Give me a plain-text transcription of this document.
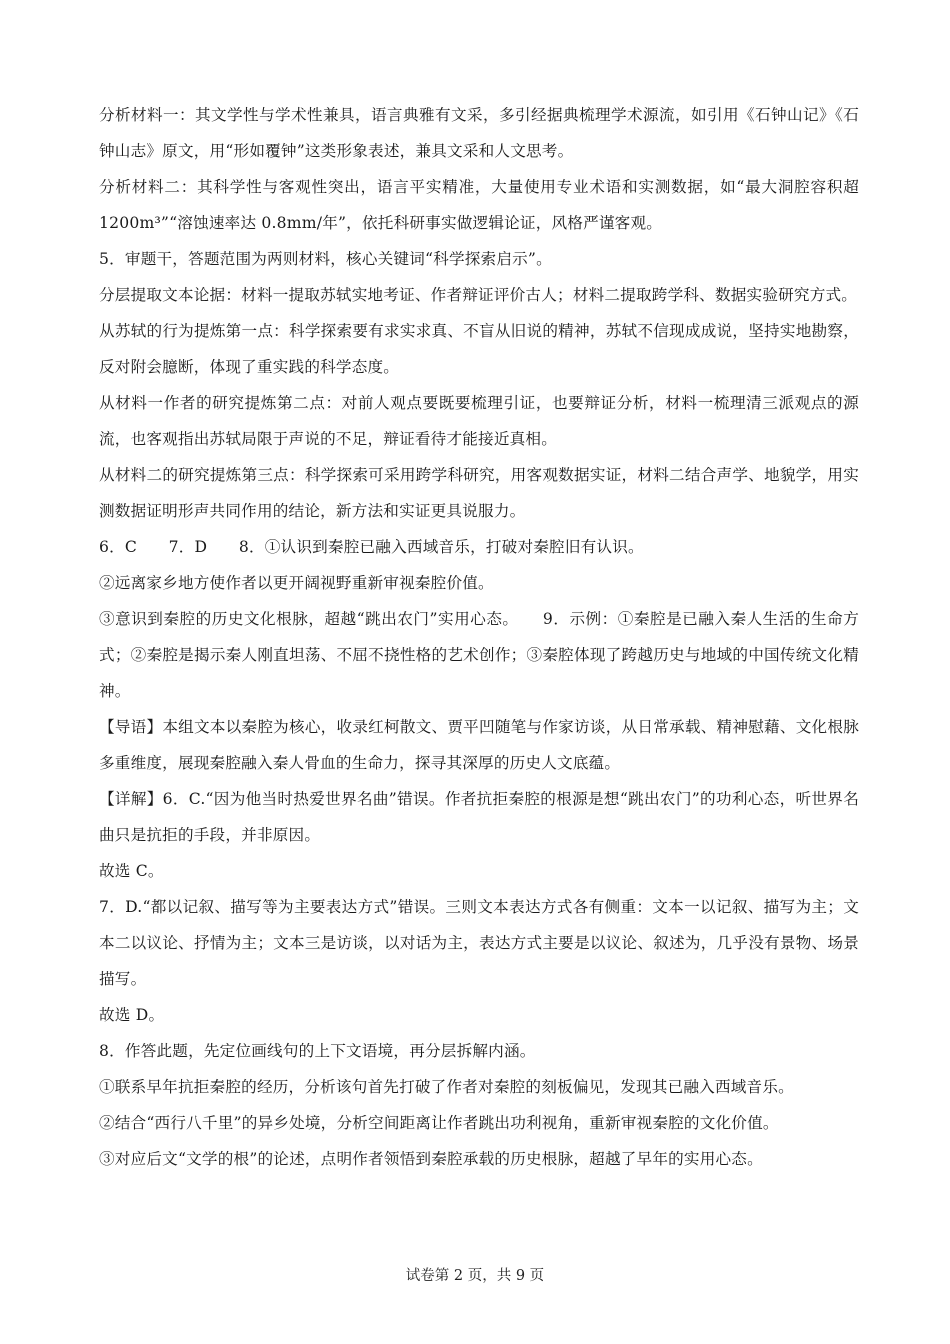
分析材料一：其文学性与学术性兼具，语言典雅有文采，多引经据典梳理学术源流，如引用《石钟山记》《石钟山志》原文，用“形如覆钟”这类形象表述，兼具文采和人文思考。

分析材料二：其科学性与客观性突出，语言平实精准，大量使用专业术语和实测数据，如“最大洞腔容积超1200m³”“溶蚀速率达 0.8mm/年”，依托科研事实做逻辑论证，风格严谨客观。

5．审题干，答题范围为两则材料，核心关键词“科学探索启示”。

分层提取文本论据：材料一提取苏轼实地考证、作者辩证评价古人；材料二提取跨学科、数据实验研究方式。

从苏轼的行为提炼第一点：科学探索要有求实求真、不盲从旧说的精神，苏轼不信现成成说，坚持实地勘察，反对附会臆断，体现了重实践的科学态度。

从材料一作者的研究提炼第二点：对前人观点要既要梳理引证，也要辩证分析，材料一梳理清三派观点的源流，也客观指出苏轼局限于声说的不足，辩证看待才能接近真相。

从材料二的研究提炼第三点：科学探索可采用跨学科研究，用客观数据实证，材料二结合声学、地貌学，用实测数据证明形声共同作用的结论，新方法和实证更具说服力。

6．C　　7．D　　8．①认识到秦腔已融入西域音乐，打破对秦腔旧有认识。

②远离家乡地方使作者以更开阔视野重新审视秦腔价值。

③意识到秦腔的历史文化根脉，超越“跳出农门”实用心态。　　9．示例：①秦腔是已融入秦人生活的生命方式；②秦腔是揭示秦人刚直坦荡、不屈不挠性格的艺术创作；③秦腔体现了跨越历史与地域的中国传统文化精神。

【导语】本组文本以秦腔为核心，收录红柯散文、贾平凹随笔与作家访谈，从日常承载、精神慰藉、文化根脉多重维度，展现秦腔融入秦人骨血的生命力，探寻其深厚的历史人文底蕴。

【详解】6．C.“因为他当时热爱世界名曲”错误。作者抗拒秦腔的根源是想“跳出农门”的功利心态，听世界名曲只是抗拒的手段，并非原因。

故选 C。

7．D.“都以记叙、描写等为主要表达方式”错误。三则文本表达方式各有侧重：文本一以记叙、描写为主；文本二以议论、抒情为主；文本三是访谈，以对话为主，表达方式主要是以议论、叙述为，几乎没有景物、场景描写。

故选 D。

8．作答此题，先定位画线句的上下文语境，再分层拆解内涵。

①联系早年抗拒秦腔的经历，分析该句首先打破了作者对秦腔的刻板偏见，发现其已融入西域音乐。

②结合“西行八千里”的异乡处境，分析空间距离让作者跳出功利视角，重新审视秦腔的文化价值。

③对应后文“文学的根”的论述，点明作者领悟到秦腔承载的历史根脉，超越了早年的实用心态。

试卷第 2 页，共 9 页
